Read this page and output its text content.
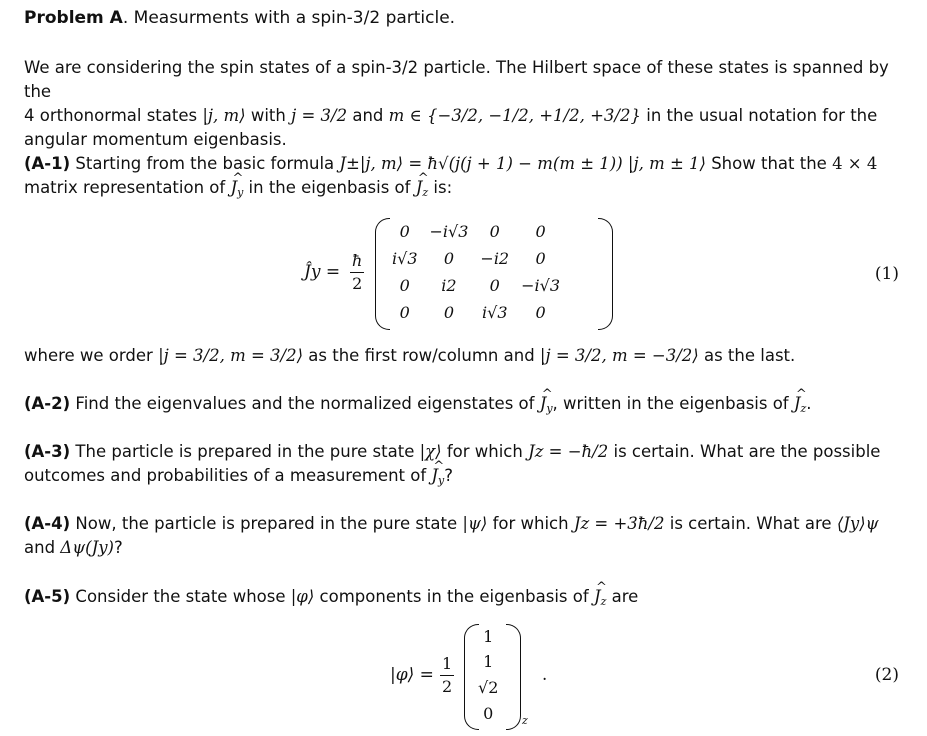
Problem A. Measurments with a spin-3/2 particle.
We are considering the spin states of a spin-3/2 particle. The Hilbert space of these states is spanned by the
4 orthonormal states |j, m⟩ with j = 3/2 and m ∈ {−3/2, −1/2, +1/2, +3/2} in the usual notation for the
angular momentum eigenbasis.
(A-1) Starting from the basic formula J±|j, m⟩ = ħ√(j(j + 1) − m(m ± 1)) |j, m ± 1⟩ Show that the 4 × 4
matrix representation of ^ $J_y$ in the eigenbasis of ^ $J_z$ is:
Ĵy = $\frac{ħ}{2}$
0	−i√3	0	0
i√3	0	−i2	0
0	i2	0	−i√3
0	0	i√3	0
(1)
where we order |j = 3/2, m = 3/2⟩ as the first row/column and |j = 3/2, m = −3/2⟩ as the last.
(A-2) Find the eigenvalues and the normalized eigenstates of ^ $J_y$, written in the eigenbasis of ^ $J_z$.
(A-3) The particle is prepared in the pure state |χ⟩ for which Jz = −ħ/2 is certain. What are the possible
outcomes and probabilities of a measurement of ^ $J_y$?
(A-4) Now, the particle is prepared in the pure state |ψ⟩ for which Jz = +3ħ/2 is certain. What are ⟨Jy⟩ψ
and Δψ(Jy)?
(A-5) Consider the state whose |φ⟩ components in the eigenbasis of ^ $J_z$ are
|φ⟩ = $\frac{1}{2}$
1
1
√2
0	z
.	(2)
